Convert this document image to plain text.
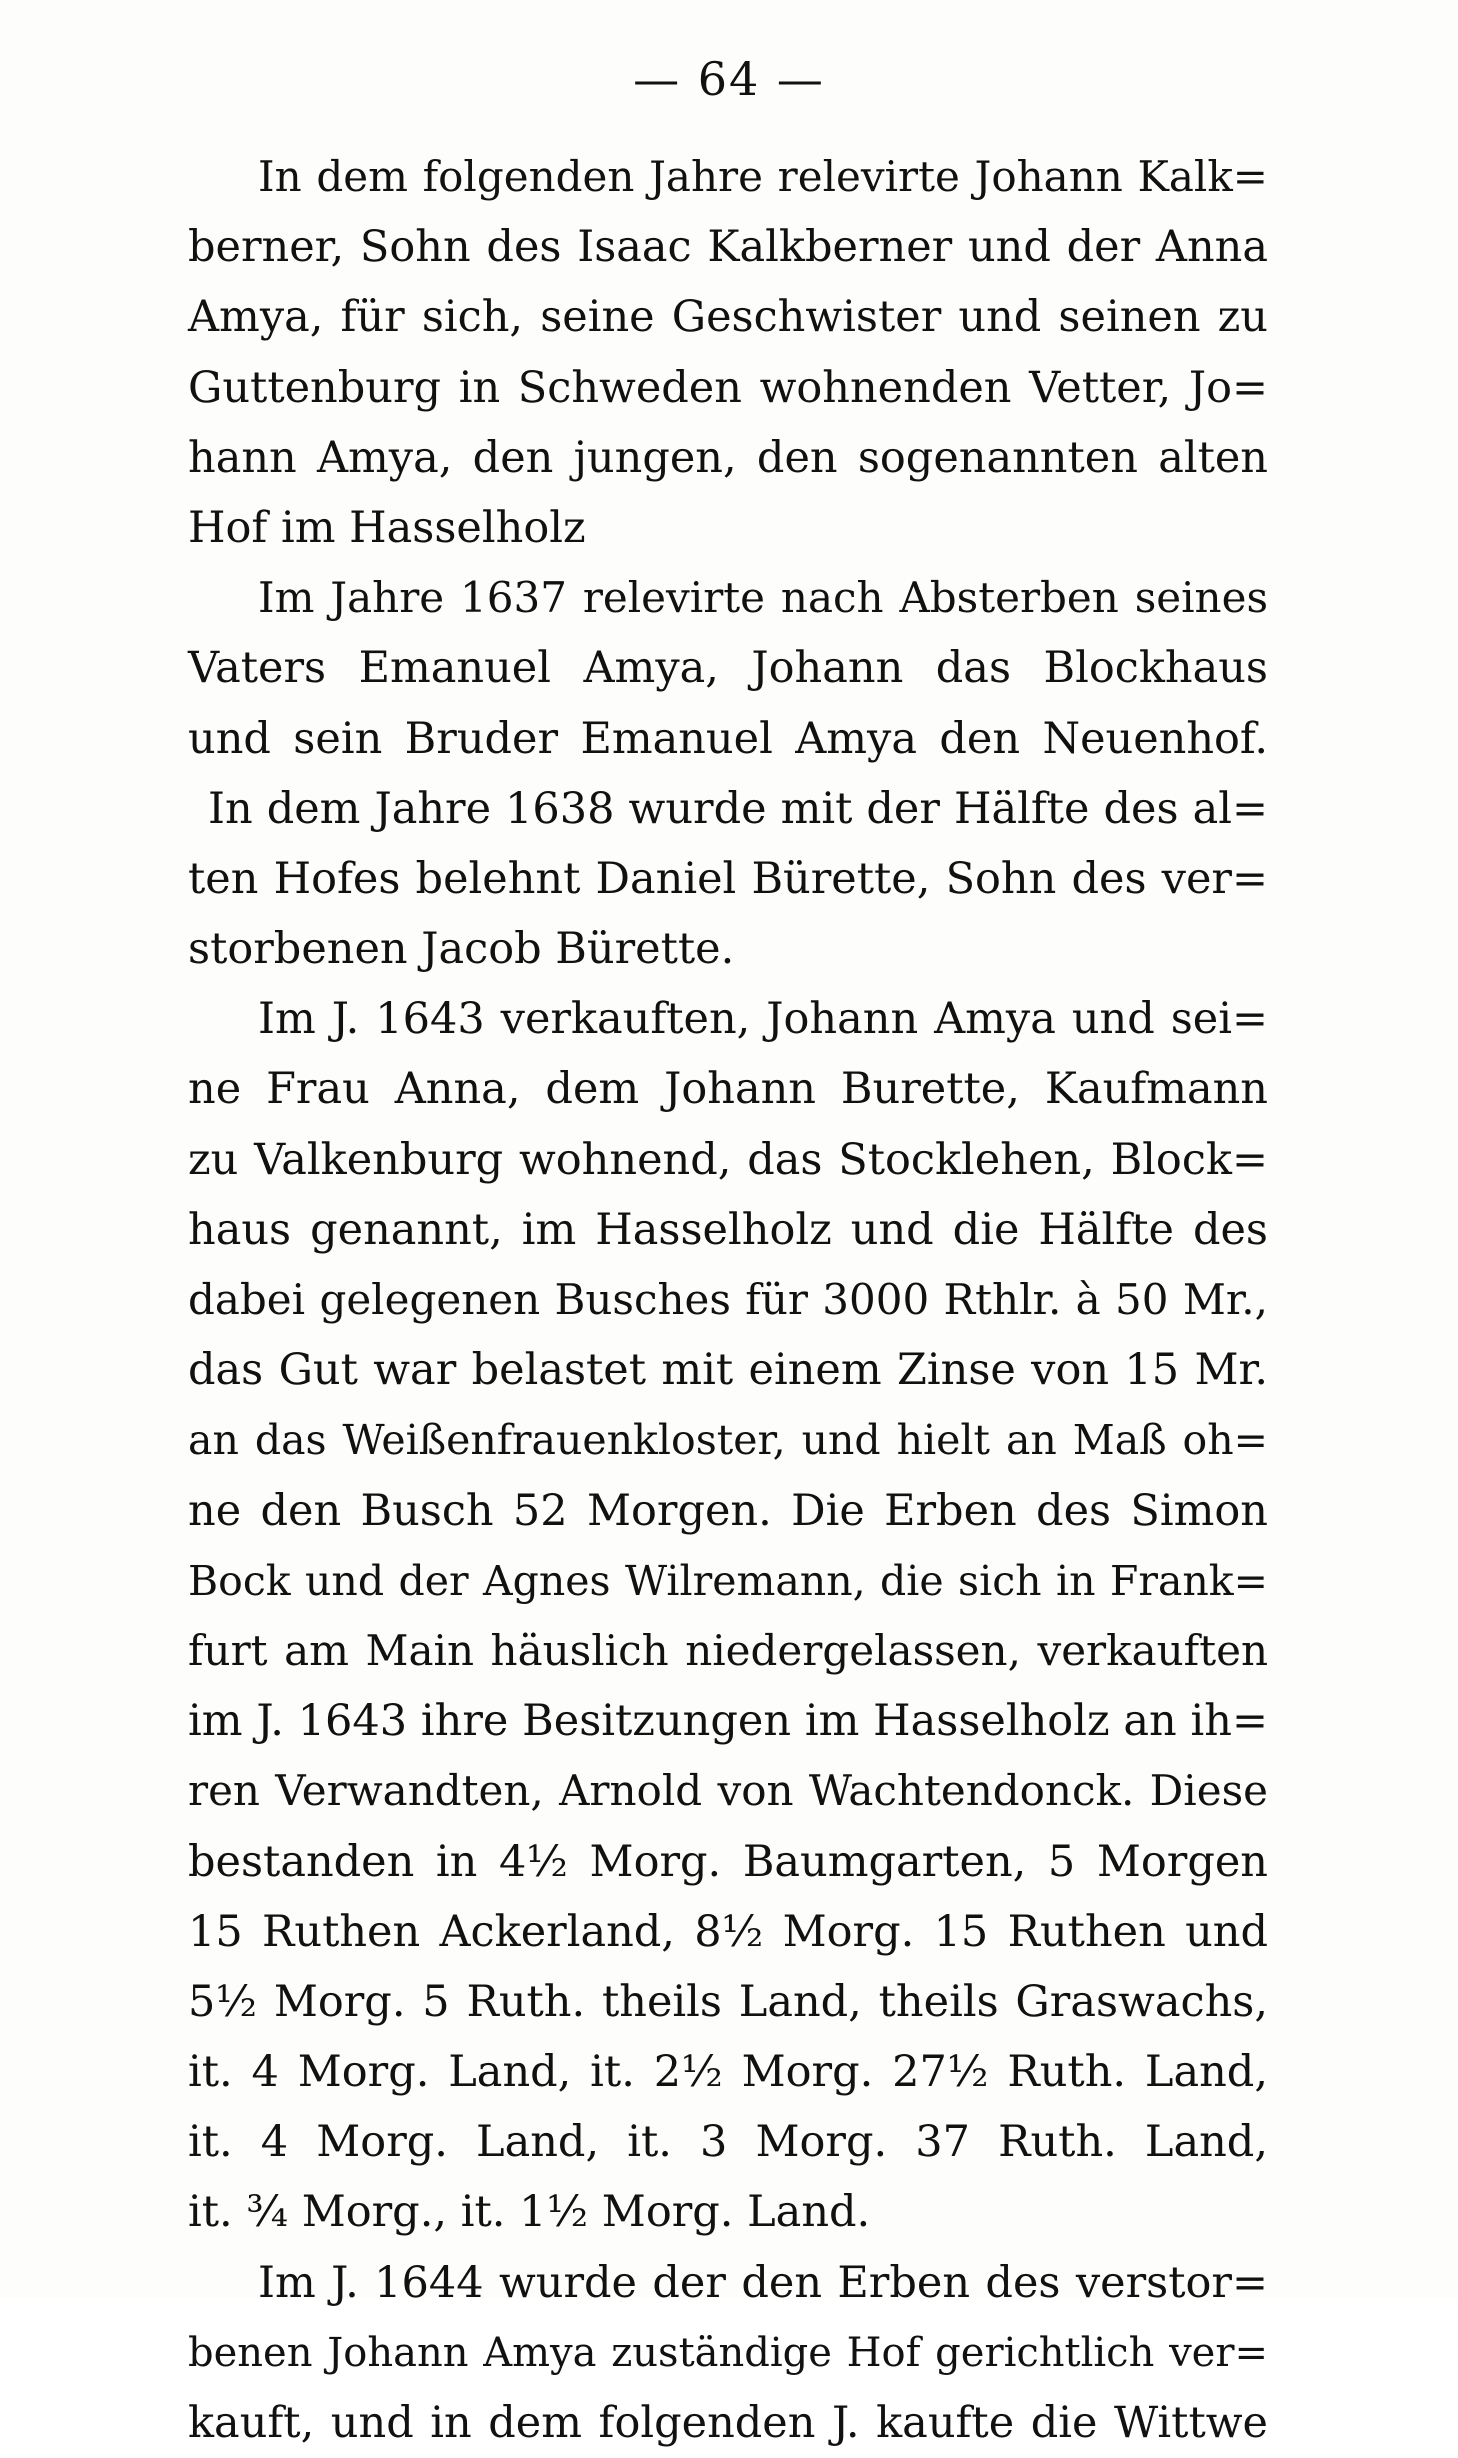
— 64 —
In dem folgenden Jahre relevirte Johann Kalk=
berner, Sohn des Isaac Kalkberner und der Anna
Amya, für sich, seine Geschwister und seinen zu
Guttenburg in Schweden wohnenden Vetter, Jo=
hann Amya, den jungen, den sogenannten alten
Hof im Hasselholz
Im Jahre 1637 relevirte nach Absterben seines
Vaters Emanuel Amya, Johann das Blockhaus
und sein Bruder Emanuel Amya den Neuenhof.
In dem Jahre 1638 wurde mit der Hälfte des al=
ten Hofes belehnt Daniel Bürette, Sohn des ver=
storbenen Jacob Bürette.
Im J. 1643 verkauften, Johann Amya und sei=
ne Frau Anna, dem Johann Burette, Kaufmann
zu Valkenburg wohnend, das Stocklehen, Block=
haus genannt, im Hasselholz und die Hälfte des
dabei gelegenen Busches für 3000 Rthlr. à 50 Mr.,
das Gut war belastet mit einem Zinse von 15 Mr.
an das Weißenfrauenkloster, und hielt an Maß oh=
ne den Busch 52 Morgen. Die Erben des Simon
Bock und der Agnes Wilremann, die sich in Frank=
furt am Main häuslich niedergelassen, verkauften
im J. 1643 ihre Besitzungen im Hasselholz an ih=
ren Verwandten, Arnold von Wachtendonck. Diese
bestanden in 4½ Morg. Baumgarten, 5 Morgen
15 Ruthen Ackerland, 8½ Morg. 15 Ruthen und
5½ Morg. 5 Ruth. theils Land, theils Graswachs,
it. 4 Morg. Land, it. 2½ Morg. 27½ Ruth. Land,
it. 4 Morg. Land, it. 3 Morg. 37 Ruth. Land,
it. ¾ Morg., it. 1½ Morg. Land.
Im J. 1644 wurde der den Erben des verstor=
benen Johann Amya zuständige Hof gerichtlich ver=
kauft, und in dem folgenden J. kaufte die Wittwe
